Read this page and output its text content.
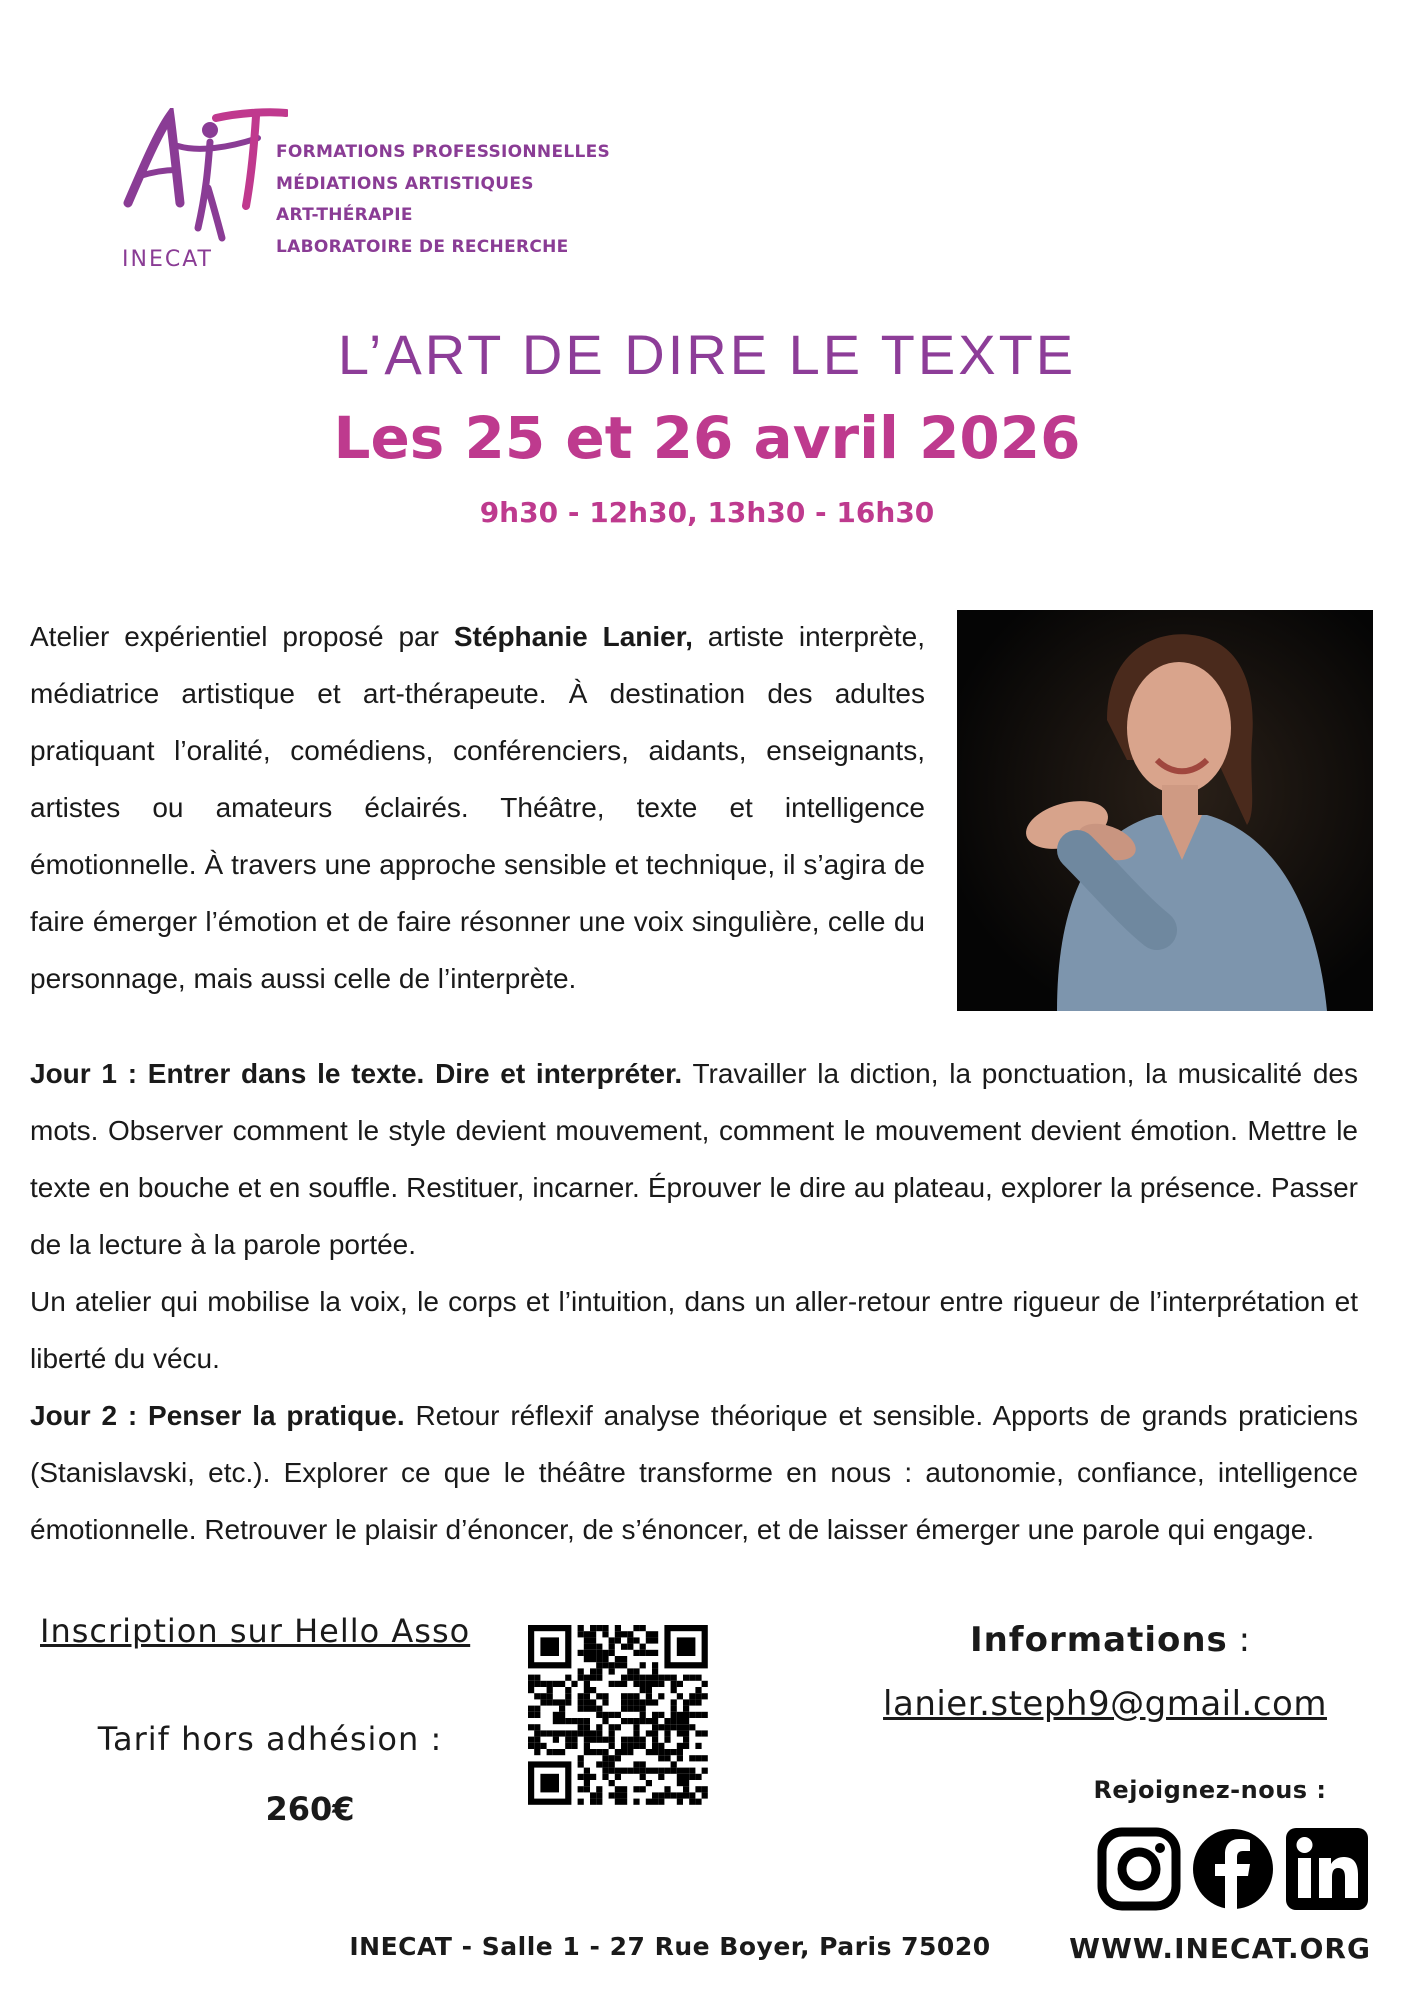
INECAT
FORMATIONS PROFESSIONNELLES
MÉDIATIONS ARTISTIQUES
ART-THÉRAPIE
LABORATOIRE DE RECHERCHE
L’ART DE DIRE LE TEXTE
Les 25 et 26 avril 2026
9h30 - 12h30, 13h30 - 16h30
Atelier expérientiel proposé par Stéphanie Lanier, artiste interprète, médiatrice artistique et art-thérapeute. À destination des adultes pratiquant l’oralité, comédiens, conférenciers, aidants, enseignants, artistes ou amateurs éclairés. Théâtre, texte et intelligence émotionnelle. À travers une approche sensible et technique, il s’agira de faire émerger l’émotion et de faire résonner une voix singulière, celle du personnage, mais aussi celle de l’interprète.

Jour 1 : Entrer dans le texte. Dire et interpréter. Travailler la diction, la ponctuation, la musicalité des mots. Observer comment le style devient mouvement, comment le mouvement devient émotion. Mettre le texte en bouche et en souffle. Restituer, incarner. Éprouver le dire au plateau, explorer la présence. Passer de la lecture à la parole portée.

Un atelier qui mobilise la voix, le corps et l’intuition, dans un aller-retour entre rigueur de l’interprétation et liberté du vécu.

Jour 2 : Penser la pratique. Retour réflexif analyse théorique et sensible. Apports de grands praticiens (Stanislavski, etc.). Explorer ce que le théâtre transforme en nous : autonomie, confiance, intelligence émotionnelle. Retrouver le plaisir d’énoncer, de s’énoncer, et de laisser émerger une parole qui engage.

Inscription sur Hello Asso
Tarif hors adhésion :
260€
Informations :
lanier.steph9@gmail.com
Rejoignez-nous :
INECAT - Salle 1 - 27 Rue Boyer, Paris 75020	WWW.INECAT.ORG
